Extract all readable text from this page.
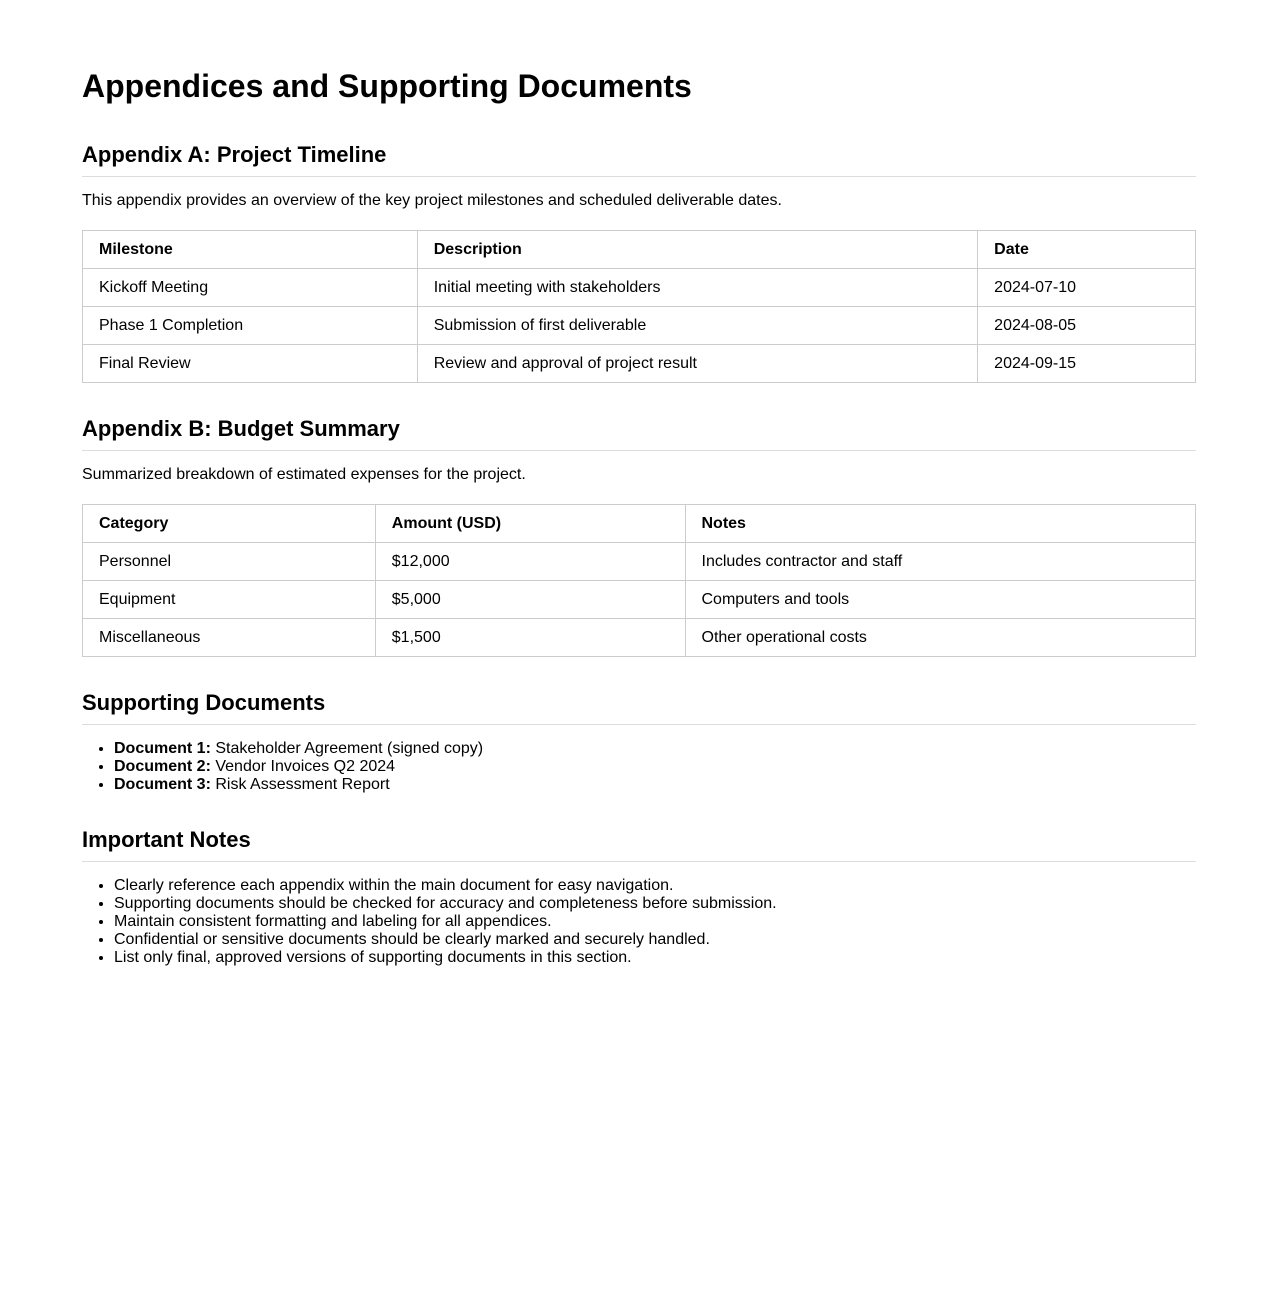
Appendices and Supporting Documents
Appendix A: Project Timeline

This appendix provides an overview of the key project milestones and scheduled deliverable dates.

Milestone	Description	Date
Kickoff Meeting	Initial meeting with stakeholders	2024-07-10
Phase 1 Completion	Submission of first deliverable	2024-08-05
Final Review	Review and approval of project result	2024-09-15
Appendix B: Budget Summary

Summarized breakdown of estimated expenses for the project.

Category	Amount (USD)	Notes
Personnel	$12,000	Includes contractor and staff
Equipment	$5,000	Computers and tools
Miscellaneous	$1,500	Other operational costs
Supporting Documents
• Document 1: Stakeholder Agreement (signed copy)
• Document 2: Vendor Invoices Q2 2024
• Document 3: Risk Assessment Report
Important Notes
• Clearly reference each appendix within the main document for easy navigation.
• Supporting documents should be checked for accuracy and completeness before submission.
• Maintain consistent formatting and labeling for all appendices.
• Confidential or sensitive documents should be clearly marked and securely handled.
• List only final, approved versions of supporting documents in this section.
